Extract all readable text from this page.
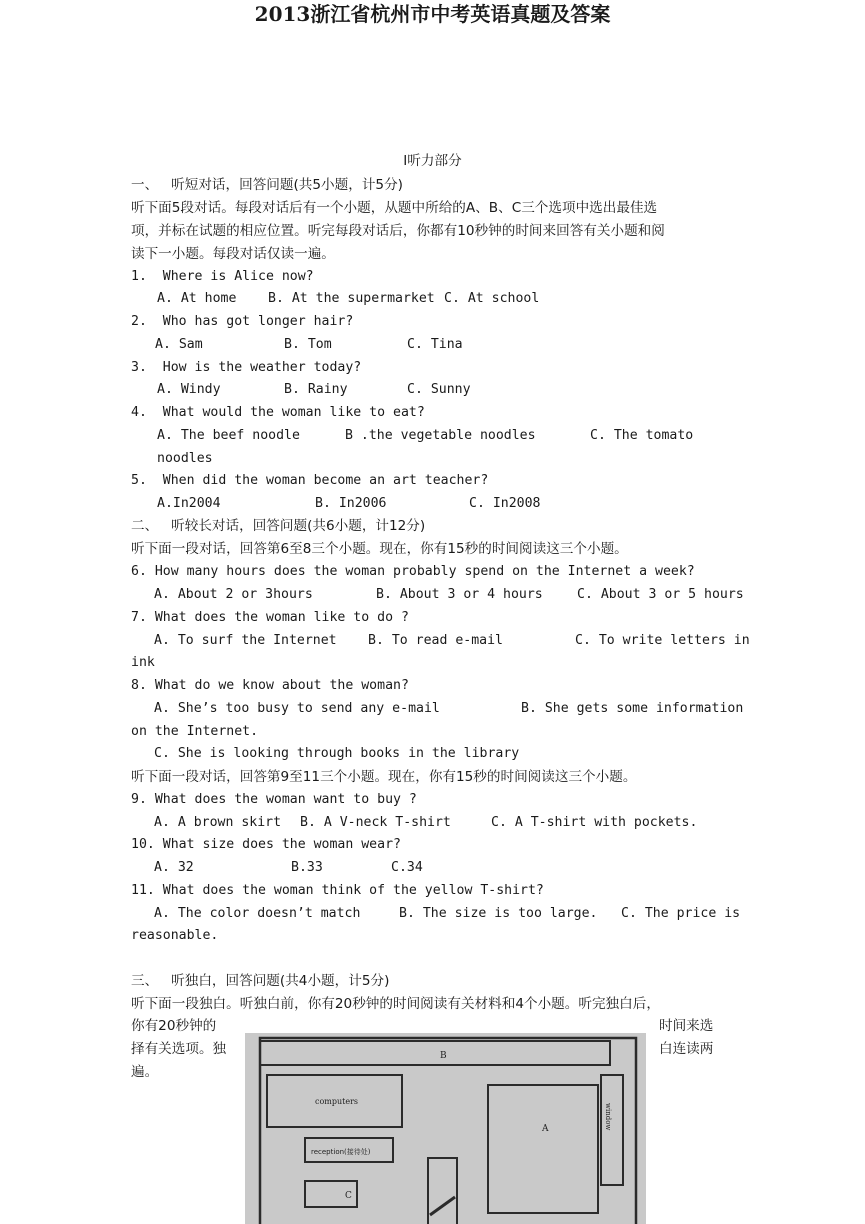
2013浙江省杭州市中考英语真题及答案
I听力部分
一、   听短对话，回答问题(共5小题，计5分)
听下面5段对话。每段对话后有一个小题，从题中所给的A、B、C三个选项中选出最佳选
项，并标在试题的相应位置。听完每段对话后，你都有10秒钟的时间来回答有关小题和阅
读下一小题。每段对话仅读一遍。
1.  Where is Alice now?
A. At home B. At the supermarket C. At school
2.  Who has got longer hair?
A. Sam	B. Tom	C. Tina
3.  How is the weather today?
A. Windy	B. Rainy	C. Sunny
4.  What would the woman like to eat?
A. The beef noodle	B .the vegetable noodles	C. The tomato
noodles
5.  When did the woman become an art teacher?
A.In2004	B. In2006	C. In2008
二、   听较长对话，回答问题(共6小题，计12分)
听下面一段对话，回答第6至8三个小题。现在，你有15秒的时间阅读这三个小题。
6. How many hours does the woman probably spend on the Internet a week?
A. About 2 or 3hours	B. About 3 or 4 hours	C. About 3 or 5 hours
7. What does the woman like to do ?
A. To surf the Internet B. To read e-mail	C. To write letters in
ink
8. What do we know about the woman?
A. She’s too busy to send any e-mail	B. She gets some information
on the Internet.
C. She is looking through books in the library
听下面一段对话，回答第9至11三个小题。现在，你有15秒的时间阅读这三个小题。
9. What does the woman want to buy ?
A. A brown skirt B. A V-neck T-shirt	C. A T-shirt with pockets.
10. What size does the woman wear?
A. 32	B.33	C.34
11. What does the woman think of the yellow T-shirt?
A. The color doesn’t match	B. The size is too large. C. The price is
reasonable.
三、   听独白，回答问题(共4小题，计5分)
听下面一段独白。听独白前，你有20秒钟的时间阅读有关材料和4个小题。听完独白后，
你有20秒钟的	时间来选
择有关选项。独	白连读两
遍。
B
computers
reception(接待处)
C
A	window
